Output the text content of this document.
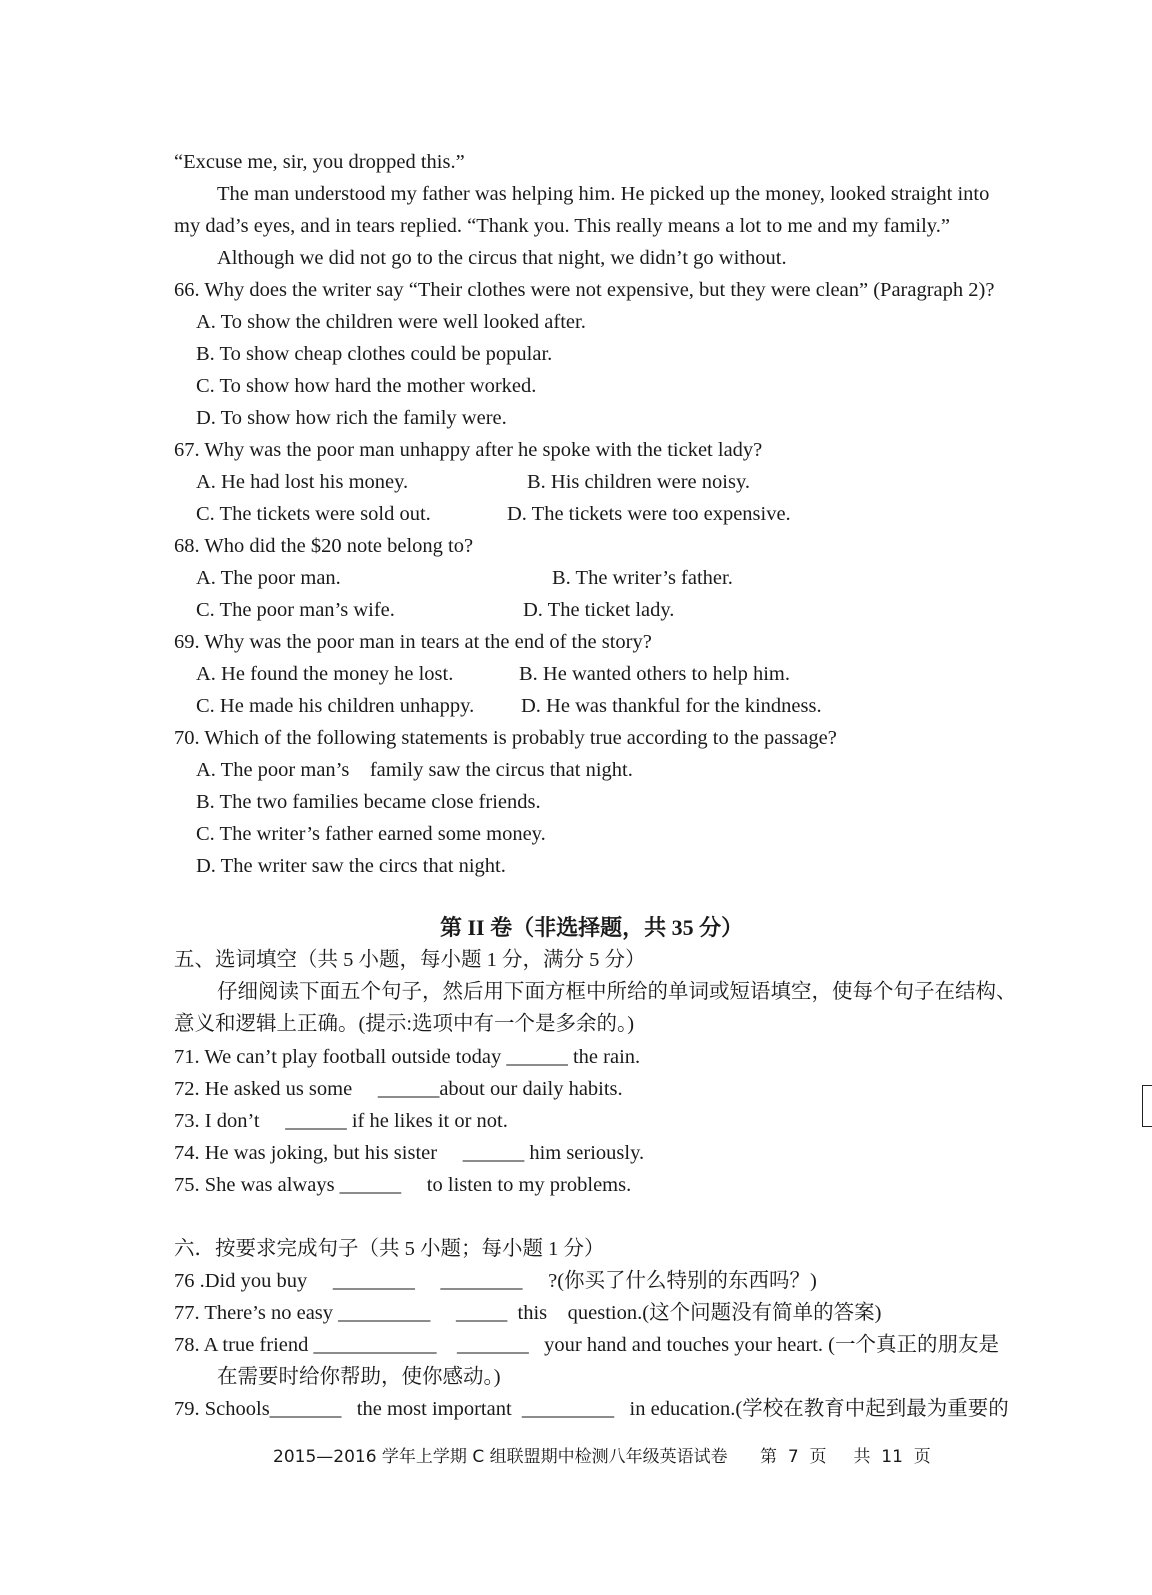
“Excuse me, sir, you dropped this.”
The man understood my father was helping him. He picked up the money, looked straight into
my dad’s eyes, and in tears replied. “Thank you. This really means a lot to me and my family.”
Although we did not go to the circus that night, we didn’t go without.
66. Why does the writer say “Their clothes were not expensive, but they were clean” (Paragraph 2)?
A. To show the children were well looked after.
B. To show cheap clothes could be popular.
C. To show how hard the mother worked.
D. To show how rich the family were.
67. Why was the poor man unhappy after he spoke with the ticket lady?
A. He had lost his money.	B. His children were noisy.
C. The tickets were sold out.	D. The tickets were too expensive.
68. Who did the $20 note belong to?
A. The poor man.	B. The writer’s father.
C. The poor man’s wife.	D. The ticket lady.
69. Why was the poor man in tears at the end of the story?
A. He found the money he lost.	B. He wanted others to help him.
C. He made his children unhappy. D. He was thankful for the kindness.
70. Which of the following statements is probably true according to the passage?
A. The poor man’s    family saw the circus that night.
B. The two families became close friends.
C. The writer’s father earned some money.
D. The writer saw the circs that night.
第 II 卷（非选择题，共 35 分）
五、选词填空（共 5 小题，每小题 1 分，满分 5 分）
仔细阅读下面五个句子，然后用下面方框中所给的单词或短语填空，使每个句子在结构、
意义和逻辑上正确。(提示:选项中有一个是多余的。)
71. We can’t play football outside today ______ the rain.
72. He asked us some     ______about our daily habits.
73. I don’t     ______ if he likes it or not.
74. He was joking, but his sister     ______ him seriously.
75. She was always ______     to listen to my problems.
六．按要求完成句子（共 5 小题；每小题 1 分）
76 .Did you buy     ________     ________     ?(你买了什么特别的东西吗？)
77. There’s no easy _________     _____  this    question.(这个问题没有简单的答案)
78. A true friend ____________    _______   your hand and touches your heart. (一个真正的朋友是
在需要时给你帮助，使你感动。)
79. Schools_______   the most important  _________   in education.(学校在教育中起到最为重要的
2015—2016 学年上学期 C 组联盟期中检测八年级英语试卷      第  7  页     共  11  页
